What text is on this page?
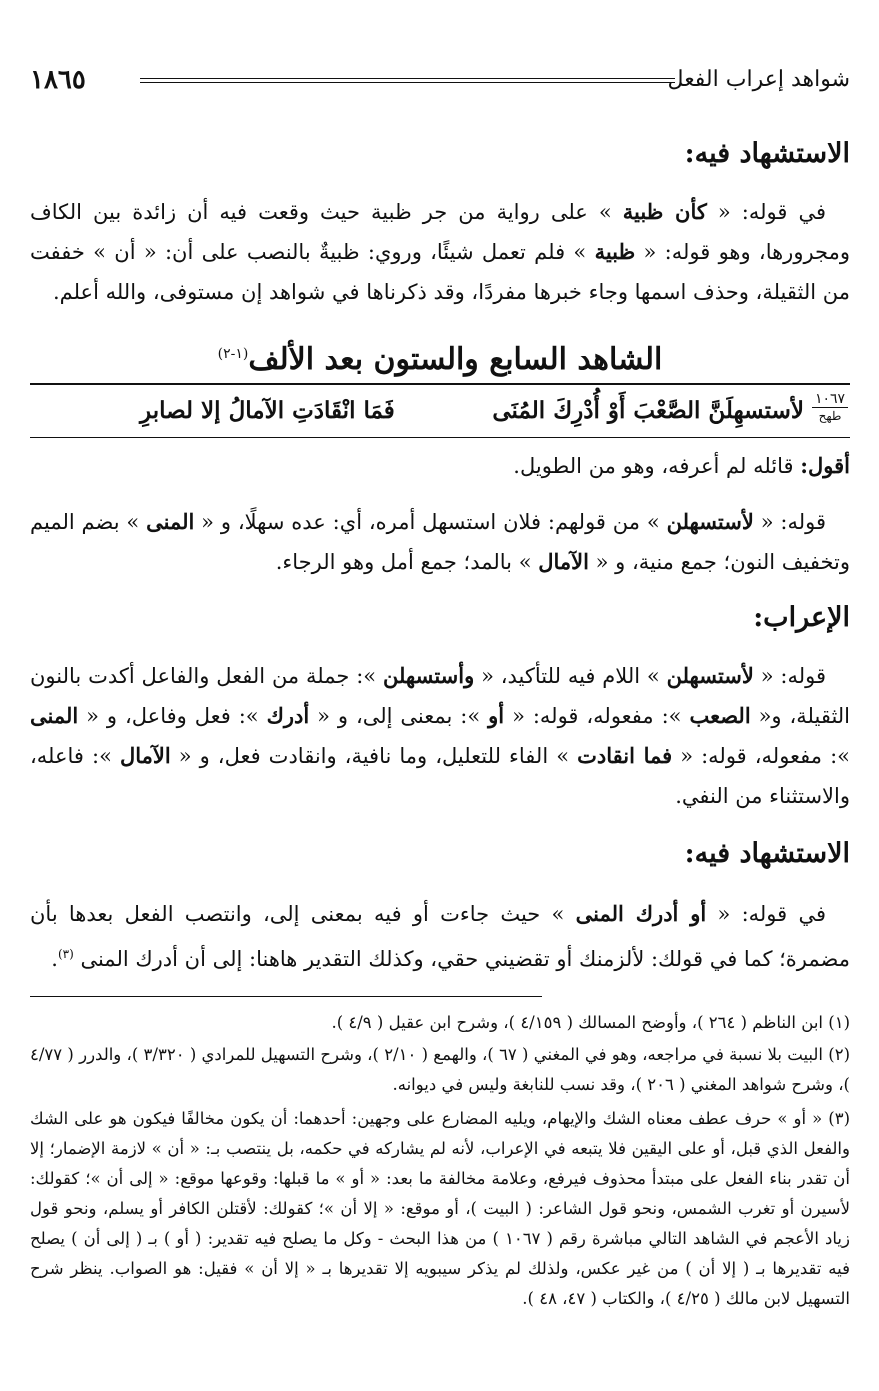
١٨٦٥	شواهد إعراب الفعل
الاستشهاد فيه:

في قوله: « كأن ظبية » على رواية من جر ظبية حيث وقعت فيه أن زائدة بين الكاف ومجرورها، وهو قوله: « ظبية » فلم تعمل شيئًا، وروي: ظبيةٌ بالنصب على أن: « أن » خففت من الثقيلة، وحذف اسمها وجاء خبرها مفردًا، وقد ذكرناها في شواهد إن مستوفى، والله أعلم.

الشاهد السابع والستون بعد الألف$^{(١-٢)}$
١٠٦٧
طهح
لأستسهِلَنَّ الصَّعْبَ أَوْ أُدْرِكَ المُنَى
فَمَا انْقَادَتِ الآمالُ إلا لصابرِ

أقول: قائله لم أعرفه، وهو من الطويل.

قوله: « لأستسهلن » من قولهم: فلان استسهل أمره، أي: عده سهلًا، و « المنى » بضم الميم وتخفيف النون؛ جمع منية، و « الآمال » بالمد؛ جمع أمل وهو الرجاء.

الإعراب:

قوله: « لأستسهلن » اللام فيه للتأكيد، « وأستسهلن »: جملة من الفعل والفاعل أكدت بالنون الثقيلة، و« الصعب »: مفعوله، قوله: « أو »: بمعنى إلى، و « أدرك »: فعل وفاعل، و « المنى »: مفعوله، قوله: « فما انقادت » الفاء للتعليل، وما نافية، وانقادت فعل، و « الآمال »: فاعله، والاستثناء من النفي.

الاستشهاد فيه:

في قوله: « أو أدرك المنى » حيث جاءت أو فيه بمعنى إلى، وانتصب الفعل بعدها بأن مضمرة؛ كما في قولك: لألزمنك أو تقضيني حقي، وكذلك التقدير هاهنا: إلى أن أدرك المنى $^{(٣)}$.

(١) ابن الناظم ( ٢٦٤ )، وأوضح المسالك ( ٤/١٥٩ )، وشرح ابن عقيل ( ٤/٩ ).

(٢) البيت بلا نسبة في مراجعه، وهو في المغني ( ٦٧ )، والهمع ( ٢/١٠ )، وشرح التسهيل للمرادي ( ٣/٣٢٠ )، والدرر ( ٤/٧٧ )، وشرح شواهد المغني ( ٢٠٦ )، وقد نسب للنابغة وليس في ديوانه.

(٣) « أو » حرف عطف معناه الشك والإيهام، ويليه المضارع على وجهين: أحدهما: أن يكون مخالفًا فيكون هو على الشك والفعل الذي قبل، أو على اليقين فلا يتبعه في الإعراب، لأنه لم يشاركه في حكمه، بل ينتصب بـ: « أن » لازمة الإضمار؛ إلا أن تقدر بناء الفعل على مبتدأ محذوف فيرفع، وعلامة مخالفة ما بعد: « أو » ما قبلها: وقوعها موقع: « إلى أن »؛ كقولك: لأسيرن أو تغرب الشمس، ونحو قول الشاعر: ( البيت )، أو موقع: « إلا أن »؛ كقولك: لأقتلن الكافر أو يسلم، ونحو قول زياد الأعجم في الشاهد التالي مباشرة رقم ( ١٠٦٧ ) من هذا البحث - وكل ما يصلح فيه تقدير: ( أو ) بـ ( إلى أن ) يصلح فيه تقديرها بـ ( إلا أن ) من غير عكس، ولذلك لم يذكر سيبويه إلا تقديرها بـ « إلا أن » فقيل: هو الصواب. ينظر شرح التسهيل لابن مالك ( ٤/٢٥ )، والكتاب ( ٤٧، ٤٨ ).
